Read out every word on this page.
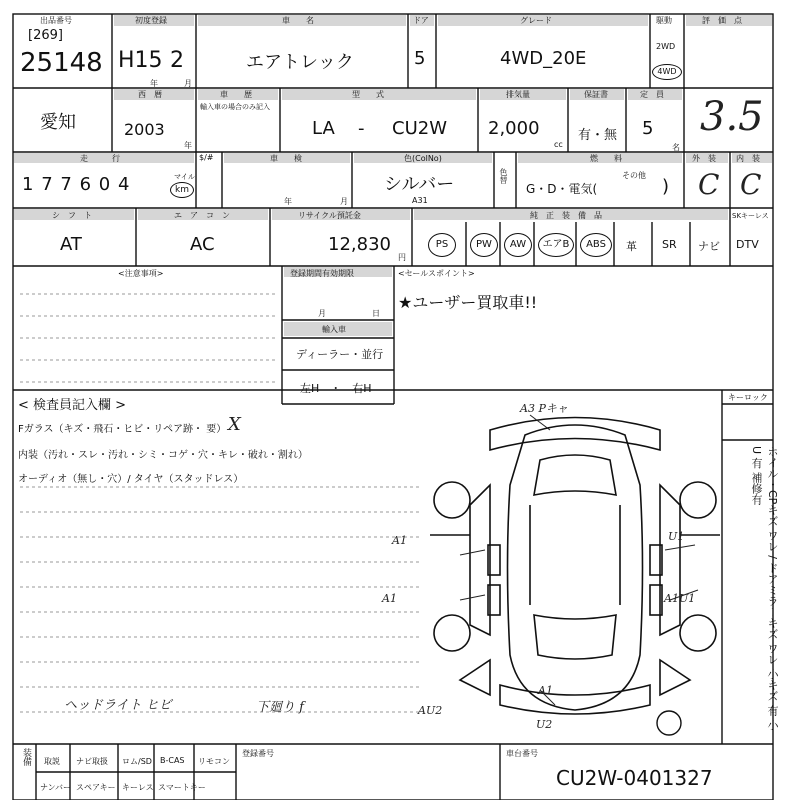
出品番号
[269]
25148
初度登録
H15 2
年	月
車　　名
エアトレック
ドア
5
グレード
4WD_20E
駆動
2WD
4WD
評　価　点
3.5
愛知
西　暦
2003
年
車　　歴
輸入車の場合のみ記入
型　　式
LA - CU2W
排気量
2,000
cc
保証書
有・無
定　員
5
名
走　　　行
1 7 7 6 0 4	マイル
km
$/#	車　　検
年	月
色(ColNo)
シルバー
A31
色替
燃　　料
G・D・電気(
その他
)
外　装
C
内　装
C
シ　フ　ト
AT
エ　ア　コ　ン
AC
リサイクル預託金
12,830
円
純　正　装　備　品	SKキーレス
PS	PW	AW	エアB	ABS	革 SR ナビ DTV
<注意事項>	登録期間有効期限
月	日
輸入車
ディーラー・並行
左H　・　右H
<セールスポイント>
★ユーザー買取車!!
< 検査員記入欄 >
Fガラス（キズ・飛石・ヒビ・リペア跡・ 要） X
内装（汚れ・スレ・汚れ・シミ・コゲ・穴・キレ・破れ・割れ）
オーディオ（無し・穴）/ タイヤ（スタッドレス）
ヘッドライト ヒビ	下廻り f
A3 Pキャ
A1
A1
U1
A1U1
A1
AU2
U2
キーロック
ホイル・CPキズ ワレ / ドアミラーキズ ワレ 小キズ 有 小U 有 補修有
装備	取説 ナビ取扱 ロム/SD B-CAS リモコン
ナンバー スペアキー キーレス スマートキー
登録番号	車台番号
CU2W-0401327
